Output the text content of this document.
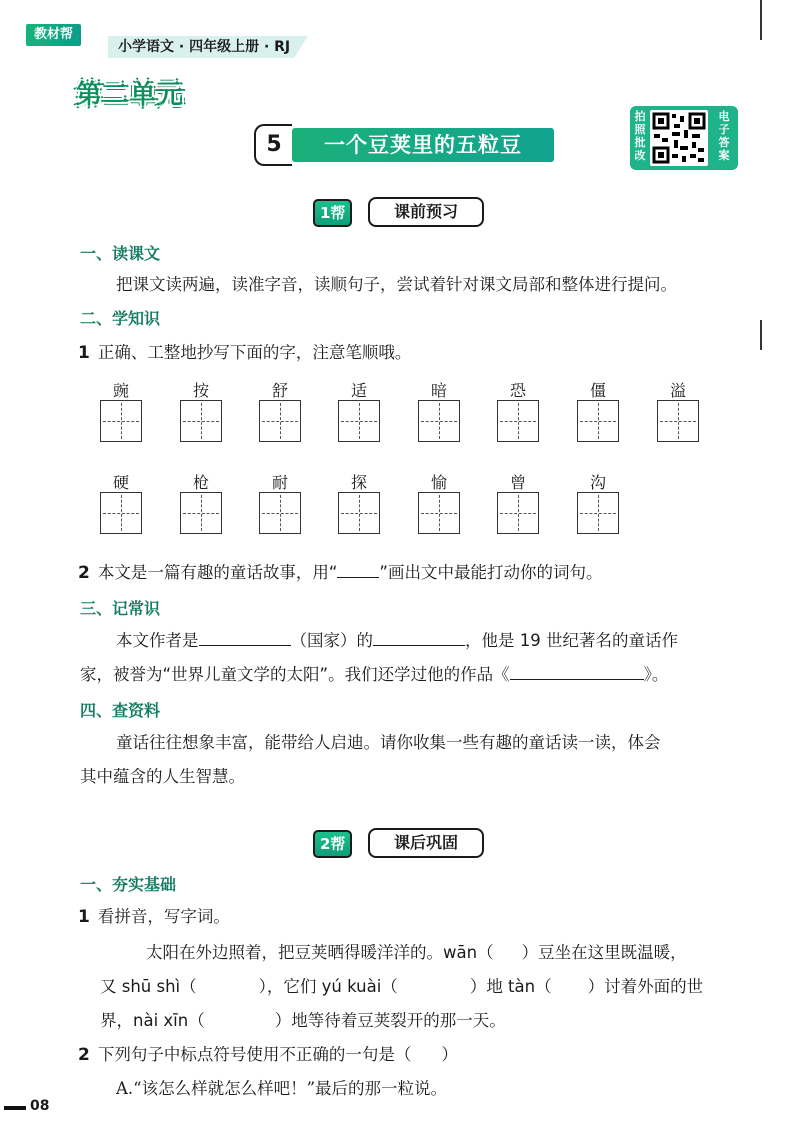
教材帮
小学语文 · 四年级上册 · RJ
第二单元
5	一个豆荚里的五粒豆
拍照批改
电子答案
1帮	课前预习
一、读课文
把课文读两遍，读准字音，读顺句子，尝试着针对课文局部和整体进行提问。
二、学知识
1 正确、工整地抄写下面的字，注意笔顺哦。
豌	按	舒	适	暗	恐	僵	溢
硬	枪	耐	探	愉	曾	沟
2 本文是一篇有趣的童话故事，用“	”画出文中最能打动你的词句。
三、记常识
本文作者是	（国家）的	，他是 19 世纪著名的童话作
家，被誉为“世界儿童文学的太阳”。我们还学过他的作品《	》。
四、查资料
童话往往想象丰富，能带给人启迪。请你收集一些有趣的童话读一读，体会
其中蕴含的人生智慧。
2帮	课后巩固
一、夯实基础
1 看拼音，写字词。
太阳在外边照着，把豆荚晒得暖洋洋的。wān（ ）豆坐在这里既温暖，
又 shū shì（	），它们 yú kuài（	）地 tàn（ ）讨着外面的世
界，nài xīn（	）地等待着豆荚裂开的那一天。
2 下列句子中标点符号使用不正确的一句是（ ）
A.“该怎么样就怎么样吧！”最后的那一粒说。
08
